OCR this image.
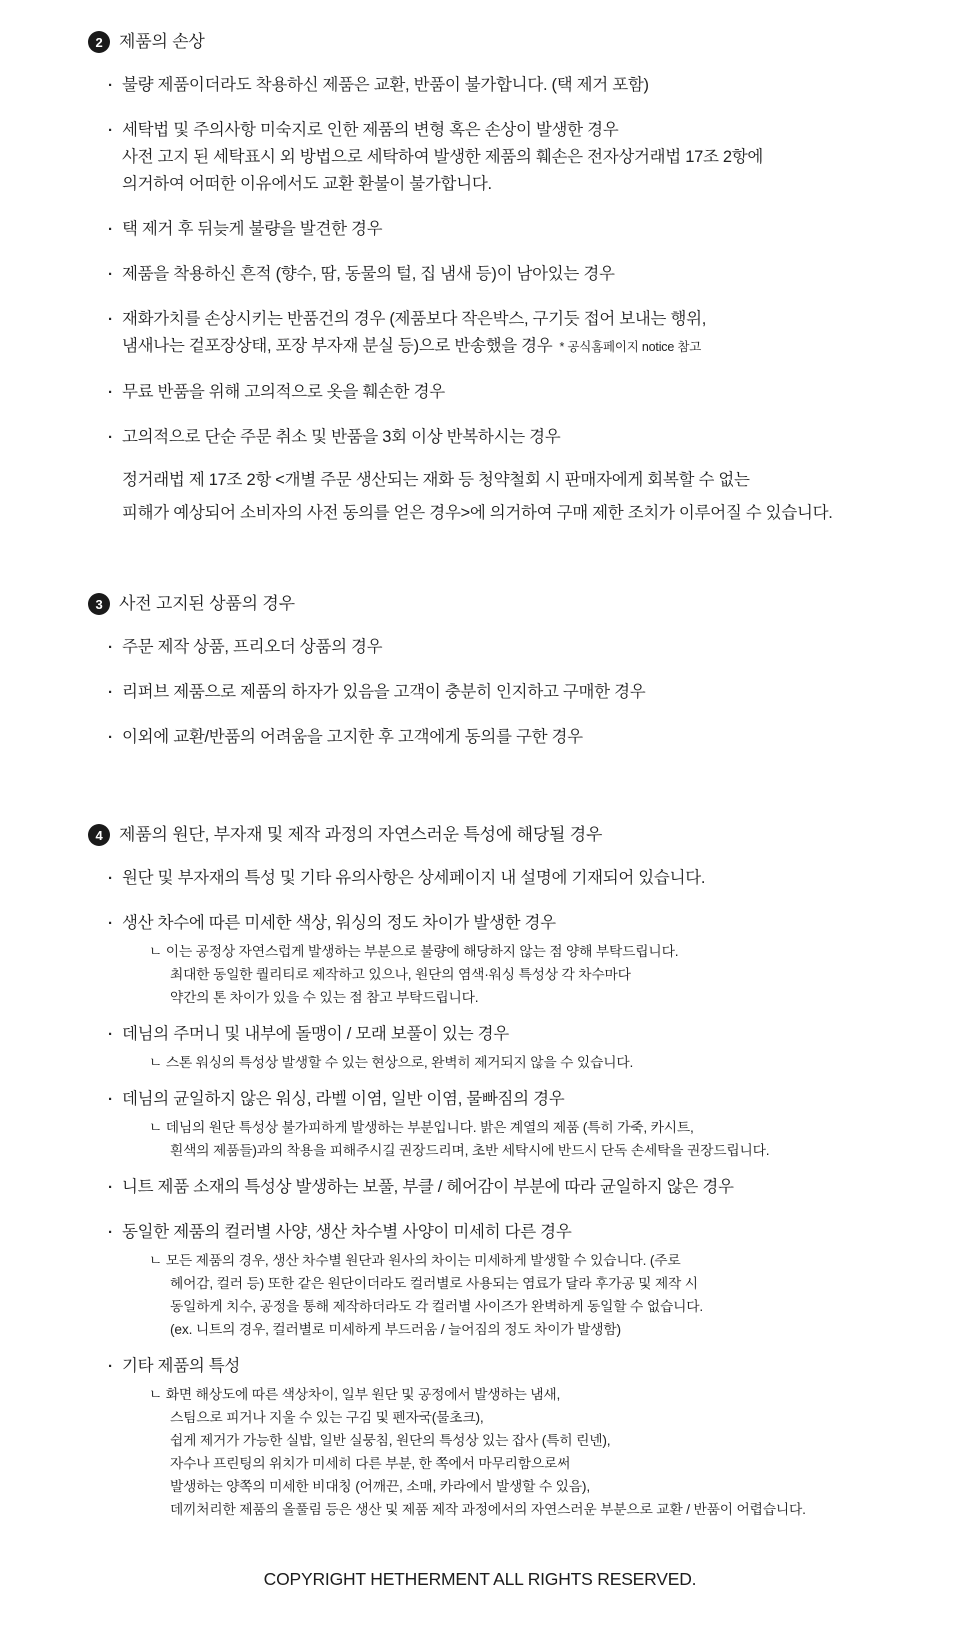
2 제품의 손상
· 불량 제품이더라도 착용하신 제품은 교환, 반품이 불가합니다. (택 제거 포함)
· 세탁법 및 주의사항 미숙지로 인한 제품의 변형 혹은 손상이 발생한 경우
사전 고지 된 세탁표시 외 방법으로 세탁하여 발생한 제품의 훼손은 전자상거래법 17조 2항에
의거하여 어떠한 이유에서도 교환 환불이 불가합니다.
· 택 제거 후 뒤늦게 불량을 발견한 경우
· 제품을 착용하신 흔적 (향수, 땀, 동물의 털, 집 냄새 등)이 남아있는 경우
· 재화가치를 손상시키는 반품건의 경우 (제품보다 작은박스, 구기듯 접어 보내는 행위,
냄새나는 겉포장상태, 포장 부자재 분실 등)으로 반송했을 경우 * 공식홈페이지 notice 참고
· 무료 반품을 위해 고의적으로 옷을 훼손한 경우
· 고의적으로 단순 주문 취소 및 반품을 3회 이상 반복하시는 경우
정거래법 제 17조 2항 <개별 주문 생산되는 재화 등 청약철회 시 판매자에게 회복할 수 없는
피해가 예상되어 소비자의 사전 동의를 얻은 경우>에 의거하여 구매 제한 조치가 이루어질 수 있습니다.
3 사전 고지된 상품의 경우
· 주문 제작 상품, 프리오더 상품의 경우
· 리퍼브 제품으로 제품의 하자가 있음을 고객이 충분히 인지하고 구매한 경우
· 이외에 교환/반품의 어려움을 고지한 후 고객에게 동의를 구한 경우
4 제품의 원단, 부자재 및 제작 과정의 자연스러운 특성에 해당될 경우
· 원단 및 부자재의 특성 및 기타 유의사항은 상세페이지 내 설명에 기재되어 있습니다.
· 생산 차수에 따른 미세한 색상, 워싱의 정도 차이가 발생한 경우
ㄴ 이는 공정상 자연스럽게 발생하는 부분으로 불량에 해당하지 않는 점 양해 부탁드립니다.
최대한 동일한 퀄리티로 제작하고 있으나, 원단의 염색·워싱 특성상 각 차수마다
약간의 톤 차이가 있을 수 있는 점 참고 부탁드립니다.
· 데님의 주머니 및 내부에 돌맹이 / 모래 보풀이 있는 경우
ㄴ 스톤 워싱의 특성상 발생할 수 있는 현상으로, 완벽히 제거되지 않을 수 있습니다.
· 데님의 균일하지 않은 워싱, 라벨 이염, 일반 이염, 물빠짐의 경우
ㄴ 데님의 원단 특성상 불가피하게 발생하는 부분입니다. 밝은 계열의 제품 (특히 가죽, 카시트,
흰색의 제품들)과의 착용을 피해주시길 권장드리며, 초반 세탁시에 반드시 단독 손세탁을 권장드립니다.
· 니트 제품 소재의 특성상 발생하는 보풀, 부클 / 헤어감이 부분에 따라 균일하지 않은 경우
· 동일한 제품의 컬러별 사양, 생산 차수별 사양이 미세히 다른 경우
ㄴ 모든 제품의 경우, 생산 차수별 원단과 원사의 차이는 미세하게 발생할 수 있습니다. (주로
헤어감, 컬러 등) 또한 같은 원단이더라도 컬러별로 사용되는 염료가 달라 후가공 및 제작 시
동일하게 치수, 공정을 통해 제작하더라도 각 컬러별 사이즈가 완벽하게 동일할 수 없습니다.
(ex. 니트의 경우, 컬러별로 미세하게 부드러움 / 늘어짐의 정도 차이가 발생함)
· 기타 제품의 특성
ㄴ 화면 해상도에 따른 색상차이, 일부 원단 및 공정에서 발생하는 냄새,
스팀으로 피거나 지울 수 있는 구김 및 펜자국(물초크),
쉽게 제거가 가능한 실밥, 일반 실뭉침, 원단의 특성상 있는 잡사 (특히 린넨),
자수나 프린팅의 위치가 미세히 다른 부분, 한 쪽에서 마무리함으로써
발생하는 양쪽의 미세한 비대칭 (어깨끈, 소매, 카라에서 발생할 수 있음),
데끼처리한 제품의 올풀림 등은 생산 및 제품 제작 과정에서의 자연스러운 부분으로 교환 / 반품이 어렵습니다.
COPYRIGHT HETHERMENT ALL RIGHTS RESERVED.
